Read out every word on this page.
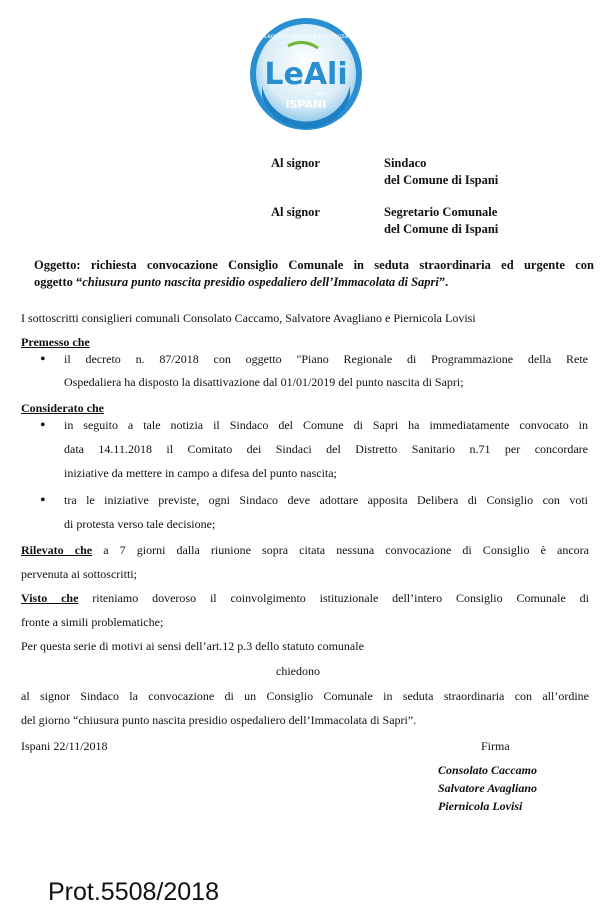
Legalità, libertà e coscienza
LeAli
per
ISPANI
Al signor	Sindaco
del Comune di Ispani
Al signor	Segretario Comunale
del Comune di Ispani
Oggetto: richiesta convocazione Consiglio Comunale in seduta straordinaria ed urgente con
oggetto “chiusura punto nascita presidio ospedaliero dell’Immacolata di Sapri”.
I sottoscritti consiglieri comunali Consolato Caccamo, Salvatore Avagliano e Piernicola Lovisi
Premesso che
• il decreto n. 87/2018 con oggetto "Piano Regionale di Programmazione della Rete
Ospedaliera ha disposto la disattivazione dal 01/01/2019 del punto nascita di Sapri;
Considerato che
• in seguito a tale notizia il Sindaco del Comune di Sapri ha immediatamente convocato in
data 14.11.2018 il Comitato dei Sindaci del Distretto Sanitario n.71 per concordare
iniziative da mettere in campo a difesa del punto nascita;
• tra le iniziative previste, ogni Sindaco deve adottare apposita Delibera di Consiglio con voti
di protesta verso tale decisione;
Rilevato che a 7 giorni dalla riunione sopra citata nessuna convocazione di Consiglio è ancora
pervenuta ai sottoscritti;
Visto che riteniamo doveroso il coinvolgimento istituzionale dell’intero Consiglio Comunale di
fronte a simili problematiche;
Per questa serie di motivi ai sensi dell’art.12 p.3 dello statuto comunale
chiedono
al signor Sindaco la convocazione di un Consiglio Comunale in seduta straordinaria con all’ordine
del giorno “chiusura punto nascita presidio ospedaliero dell’Immacolata di Sapri”.
Ispani 22/11/2018	Firma
Consolato Caccamo
Salvatore Avagliano
Piernicola Lovisi
Prot.5508/2018
